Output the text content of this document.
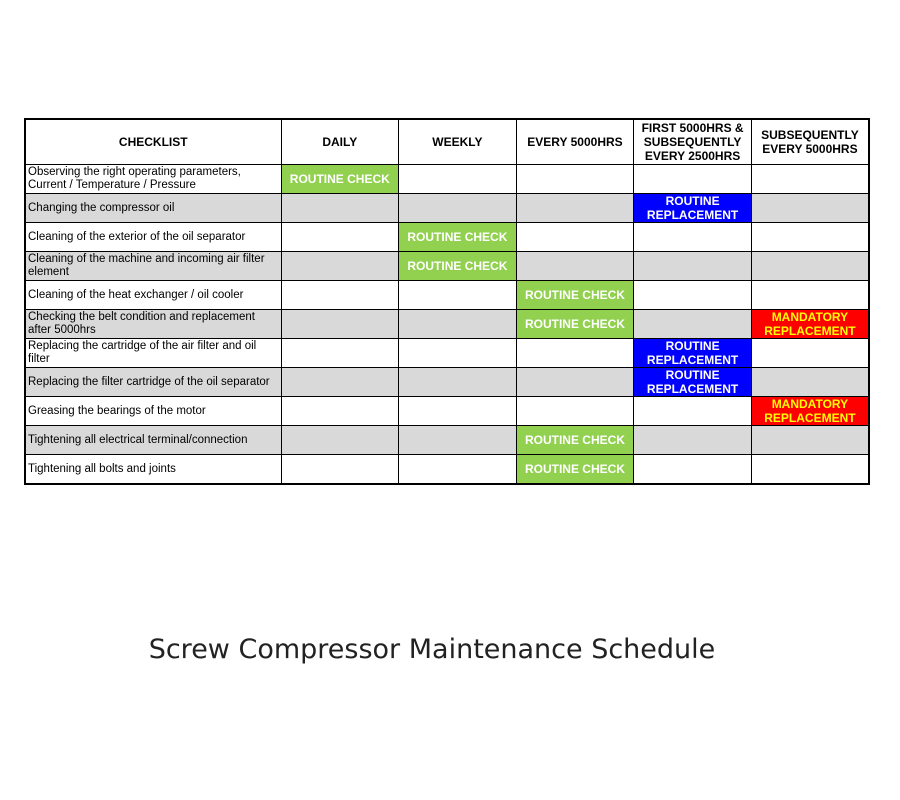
CHECKLIST	DAILY	WEEKLY	EVERY 5000HRS	FIRST 5000HRS & SUBSEQUENTLY EVERY 2500HRS	SUBSEQUENTLY EVERY 5000HRS
Observing the right operating parameters, Current / Temperature / Pressure	ROUTINE CHECK				
Changing the compressor oil				ROUTINE REPLACEMENT	
Cleaning of the exterior of the oil separator		ROUTINE CHECK			
Cleaning of the machine and incoming air filter element		ROUTINE CHECK			
Cleaning of the heat exchanger / oil cooler			ROUTINE CHECK		
Checking the belt condition and replacement after 5000hrs			ROUTINE CHECK		MANDATORY REPLACEMENT
Replacing the cartridge of the air filter and oil filter				ROUTINE REPLACEMENT	
Replacing the filter cartridge of the oil separator				ROUTINE REPLACEMENT	
Greasing the bearings of the motor					MANDATORY REPLACEMENT
Tightening all electrical terminal/connection			ROUTINE CHECK		
Tightening all bolts and joints			ROUTINE CHECK		
Screw Compressor Maintenance Schedule
